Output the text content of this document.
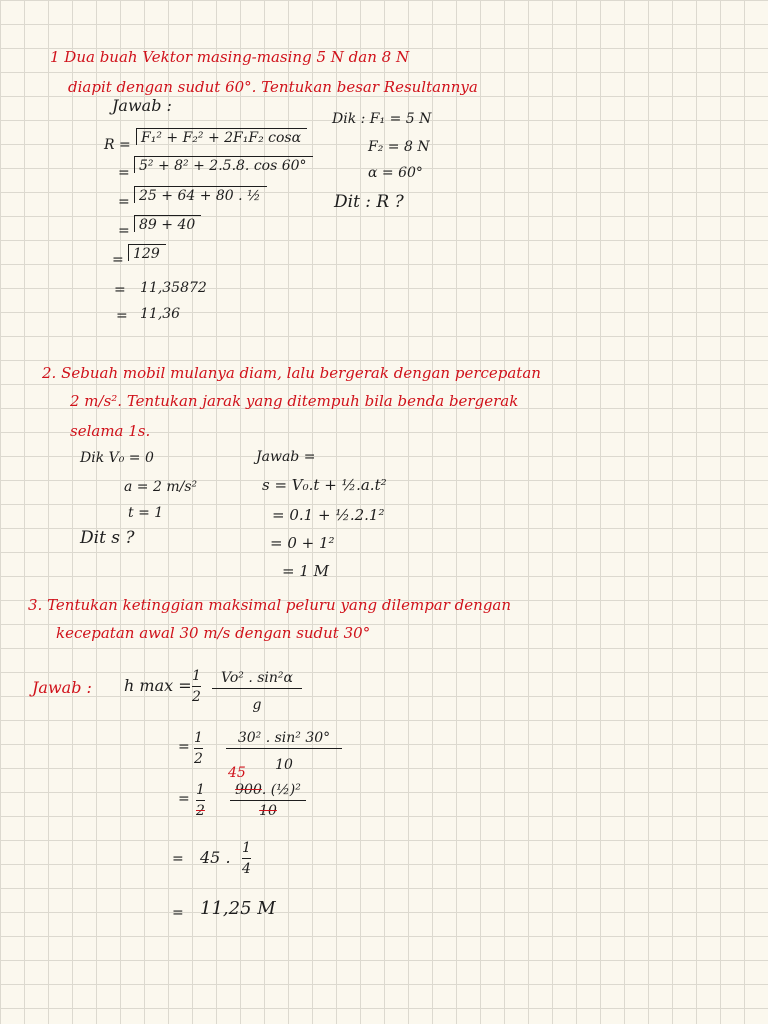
1 Dua buah Vektor masing-masing 5 N dan 8 N
diapit dengan sudut 60°. Tentukan besar Resultannya
Jawab :
Dik : F₁ = 5 N
F₂ = 8 N
α = 60°
Dit : R ?
R = F₁² + F₂² + 2F₁F₂ cosα
= 5² + 8² + 2.5.8. cos 60°
= 25 + 64 + 80 . ½
= 89 + 40
= 129
= 11,35872
= 11,36
2. Sebuah mobil mulanya diam, lalu bergerak dengan percepatan
2 m/s². Tentukan jarak yang ditempuh bila benda bergerak
selama 1s.
Dik V₀ = 0
a = 2 m/s²
t = 1
Dit s ?
Jawab =
s = V₀.t + ½.a.t²
= 0.1 + ½.2.1²
= 0 + 1²
= 1 M
3. Tentukan ketinggian maksimal peluru yang dilempar dengan
kecepatan awal 30 m/s dengan sudut 30°
Jawab : h max = 1
2
Vo² . sin²α
g
=
1
2
30² . sin² 30°
10
45
=
1
2
900. (½)²
10
= 45 . 1
4
= 11,25 M
